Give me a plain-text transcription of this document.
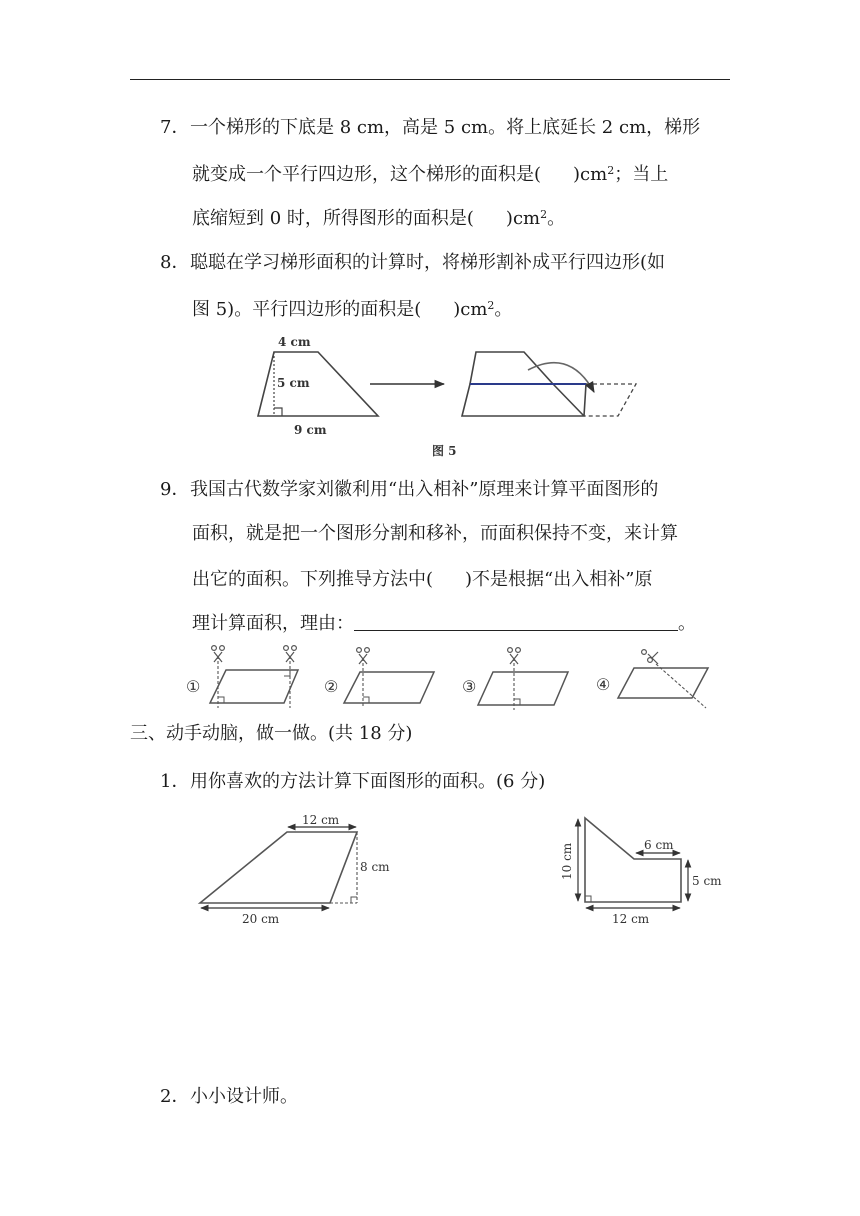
7．一个梯形的下底是 8 cm，高是 5 cm。将上底延长 2 cm，梯形
就变成一个平行四边形，这个梯形的面积是( )$cm^2$；当上
底缩短到 0 时，所得图形的面积是( )$cm^2$。
8．聪聪在学习梯形面积的计算时，将梯形割补成平行四边形(如
图 5)。平行四边形的面积是( )$cm^2$。
9．我国古代数学家刘徽利用“出入相补”原理来计算平面图形的
面积，就是把一个图形分割和移补，而面积保持不变，来计算
出它的面积。下列推导方法中( )不是根据“出入相补”原
理计算面积，理由：	。
三、动手动脑，做一做。(共 18 分)
1．用你喜欢的方法计算下面图形的面积。(6 分)
2．小小设计师。
4 cm
5 cm
9 cm
图 5
①	②	③	④
12 cm
8 cm
20 cm
10 cm	6 cm
5 cm
12 cm
